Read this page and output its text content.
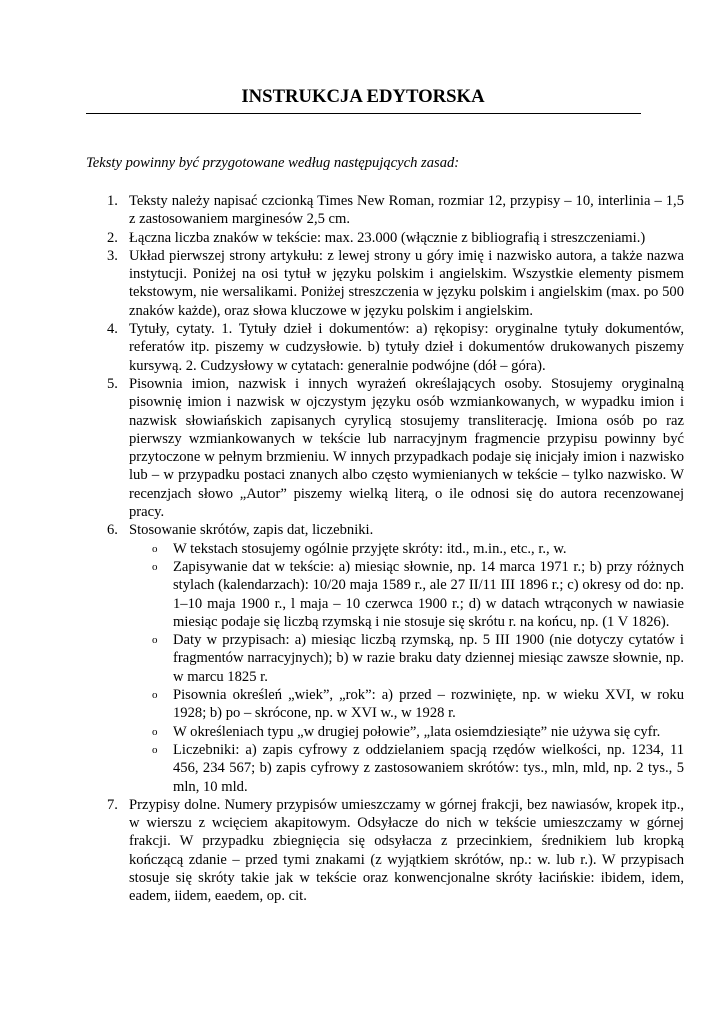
INSTRUKCJA EDYTORSKA

Teksty powinny być przygotowane według następujących zasad:

1. Teksty należy napisać czcionką Times New Roman, rozmiar 12, przypisy – 10, interlinia – 1,5 z zastosowaniem marginesów 2,5 cm.
2. Łączna liczba znaków w tekście: max. 23.000 (włącznie z bibliografią i streszczeniami.)
3. Układ pierwszej strony artykułu: z lewej strony u góry imię i nazwisko autora, a także nazwa instytucji. Poniżej na osi tytuł w języku polskim i angielskim. Wszystkie elementy pismem tekstowym, nie wersalikami. Poniżej streszczenia w języku polskim i angielskim (max. po 500 znaków każde), oraz słowa kluczowe w języku polskim i angielskim.
4. Tytuły, cytaty. 1. Tytuły dzieł i dokumentów: a) rękopisy: oryginalne tytuły dokumentów, referatów itp. piszemy w cudzysłowie. b) tytuły dzieł i dokumentów drukowanych piszemy kursywą. 2. Cudzysłowy w cytatach: generalnie podwójne (dół – góra).
5. Pisownia imion, nazwisk i innych wyrażeń określających osoby. Stosujemy oryginalną pisownię imion i nazwisk w ojczystym języku osób wzmiankowanych, w wypadku imion i nazwisk słowiańskich zapisanych cyrylicą stosujemy transliterację. Imiona osób po raz pierwszy wzmiankowanych w tekście lub narracyjnym fragmencie przypisu powinny być przytoczone w pełnym brzmieniu. W innych przypadkach podaje się inicjały imion i nazwisko lub – w przypadku postaci znanych albo często wymienianych w tekście – tylko nazwisko. W recenzjach słowo „Autor” piszemy wielką literą, o ile odnosi się do autora recenzowanej pracy.
6. Stosowanie skrótów, zapis dat, liczebniki.
o W tekstach stosujemy ogólnie przyjęte skróty: itd., m.in., etc., r., w.
o Zapisywanie dat w tekście: a) miesiąc słownie, np. 14 marca 1971 r.; b) przy różnych stylach (kalendarzach): 10/20 maja 1589 r., ale 27 II/11 III 1896 r.; c) okresy od do: np. 1–10 maja 1900 r., l maja – 10 czerwca 1900 r.; d) w datach wtrąconych w nawiasie miesiąc podaje się liczbą rzymską i nie stosuje się skrótu r. na końcu, np. (1 V 1826).
o Daty w przypisach: a) miesiąc liczbą rzymską, np. 5 III 1900 (nie dotyczy cytatów i fragmentów narracyjnych); b) w razie braku daty dziennej miesiąc zawsze słownie, np. w marcu 1825 r.
o Pisownia określeń „wiek”, „rok”: a) przed – rozwinięte, np. w wieku XVI, w roku 1928; b) po – skrócone, np. w XVI w., w 1928 r.
o W określeniach typu „w drugiej połowie”, „lata osiemdziesiąte” nie używa się cyfr.
o Liczebniki: a) zapis cyfrowy z oddzielaniem spacją rzędów wielkości, np. 1234, 11 456, 234 567; b) zapis cyfrowy z zastosowaniem skrótów: tys., mln, mld, np. 2 tys., 5 mln, 10 mld.
7. Przypisy dolne. Numery przypisów umieszczamy w górnej frakcji, bez nawiasów, kropek itp., w wierszu z wcięciem akapitowym. Odsyłacze do nich w tekście umieszczamy w górnej frakcji. W przypadku zbiegnięcia się odsyłacza z przecinkiem, średnikiem lub kropką kończącą zdanie – przed tymi znakami (z wyjątkiem skrótów, np.: w. lub r.). W przypisach stosuje się skróty takie jak w tekście oraz konwencjonalne skróty łacińskie: ibidem, idem, eadem, iidem, eaedem, op. cit.
